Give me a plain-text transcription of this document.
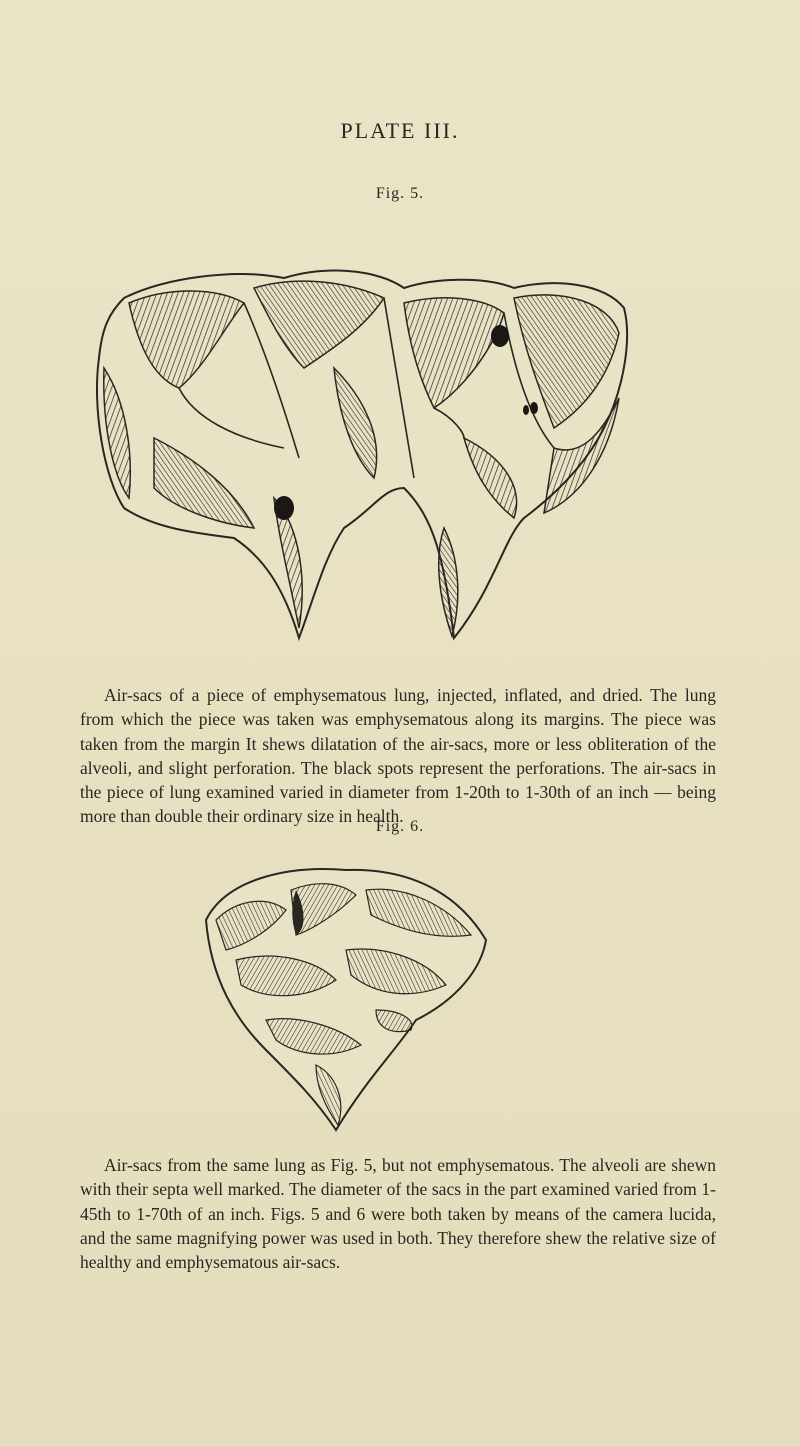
PLATE III.
Fig. 5.

Air-sacs of a piece of emphysematous lung, injected, inflated, and dried. The lung from which the piece was taken was emphysematous along its margins. The piece was taken from the margin It shews dilatation of the air-sacs, more or less obliteration of the alveoli, and slight perforation. The black spots represent the perforations. The air-sacs in the piece of lung examined varied in diameter from 1-20th to 1-30th of an inch — being more than double their ordinary size in health.

Fig. 6.

Air-sacs from the same lung as Fig. 5, but not emphysematous. The alveoli are shewn with their septa well marked. The diameter of the sacs in the part examined varied from 1-45th to 1-70th of an inch. Figs. 5 and 6 were both taken by means of the camera lucida, and the same magnifying power was used in both. They therefore shew the relative size of healthy and emphysematous air-sacs.
